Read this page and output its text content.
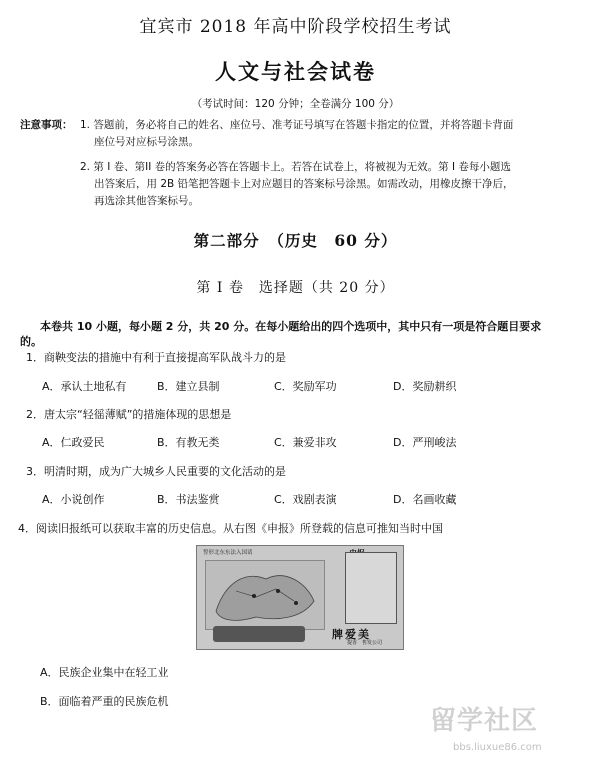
宜宾市 2018 年高中阶段学校招生考试
人文与社会试卷
（考试时间：120 分钟；全卷满分 100 分）
注意事项： 1. 答题前，务必将自己的姓名、座位号、准考证号填写在答题卡指定的位置，并将答题卡背面
座位号对应标号涂黑。
2. 第 I 卷、第II 卷的答案务必答在答题卡上。若答在试卷上，将被视为无效。第 I 卷每小题选
出答案后，用 2B 铅笔把答题卡上对应题目的答案标号涂黑。如需改动，用橡皮擦干净后，
再选涂其他答案标号。
第二部分　（历史　60 分）
第 I 卷　选择题（共 20 分）
本卷共 10 小题，每小题 2 分，共 20 分。在每小题给出的四个选项中，其中只有一项是符合题目要求
的。
1．商鞅变法的措施中有利于直接提高军队战斗力的是
A．承认土地私有	B．建立县制	C．奖励军功	D．奖励耕织
2．唐太宗“轻徭薄赋”的措施体现的思想是
A．仁政爱民	B．有教无类	C．兼爱非攻	D．严刑峻法
3．明清时期，成为广大城乡人民重要的文化活动的是
A．小说创作	B．书法鉴赏	C．戏剧表演	D．名画收藏
4．阅读旧报纸可以获取丰富的历史信息。从右图《申报》所登载的信息可推知当时中国
誓形北东东法入国请
牌爱美
提香　售发公司
A．民族企业集中在轻工业
B．面临着严重的民族危机
留学社区
bbs.liuxue86.com
